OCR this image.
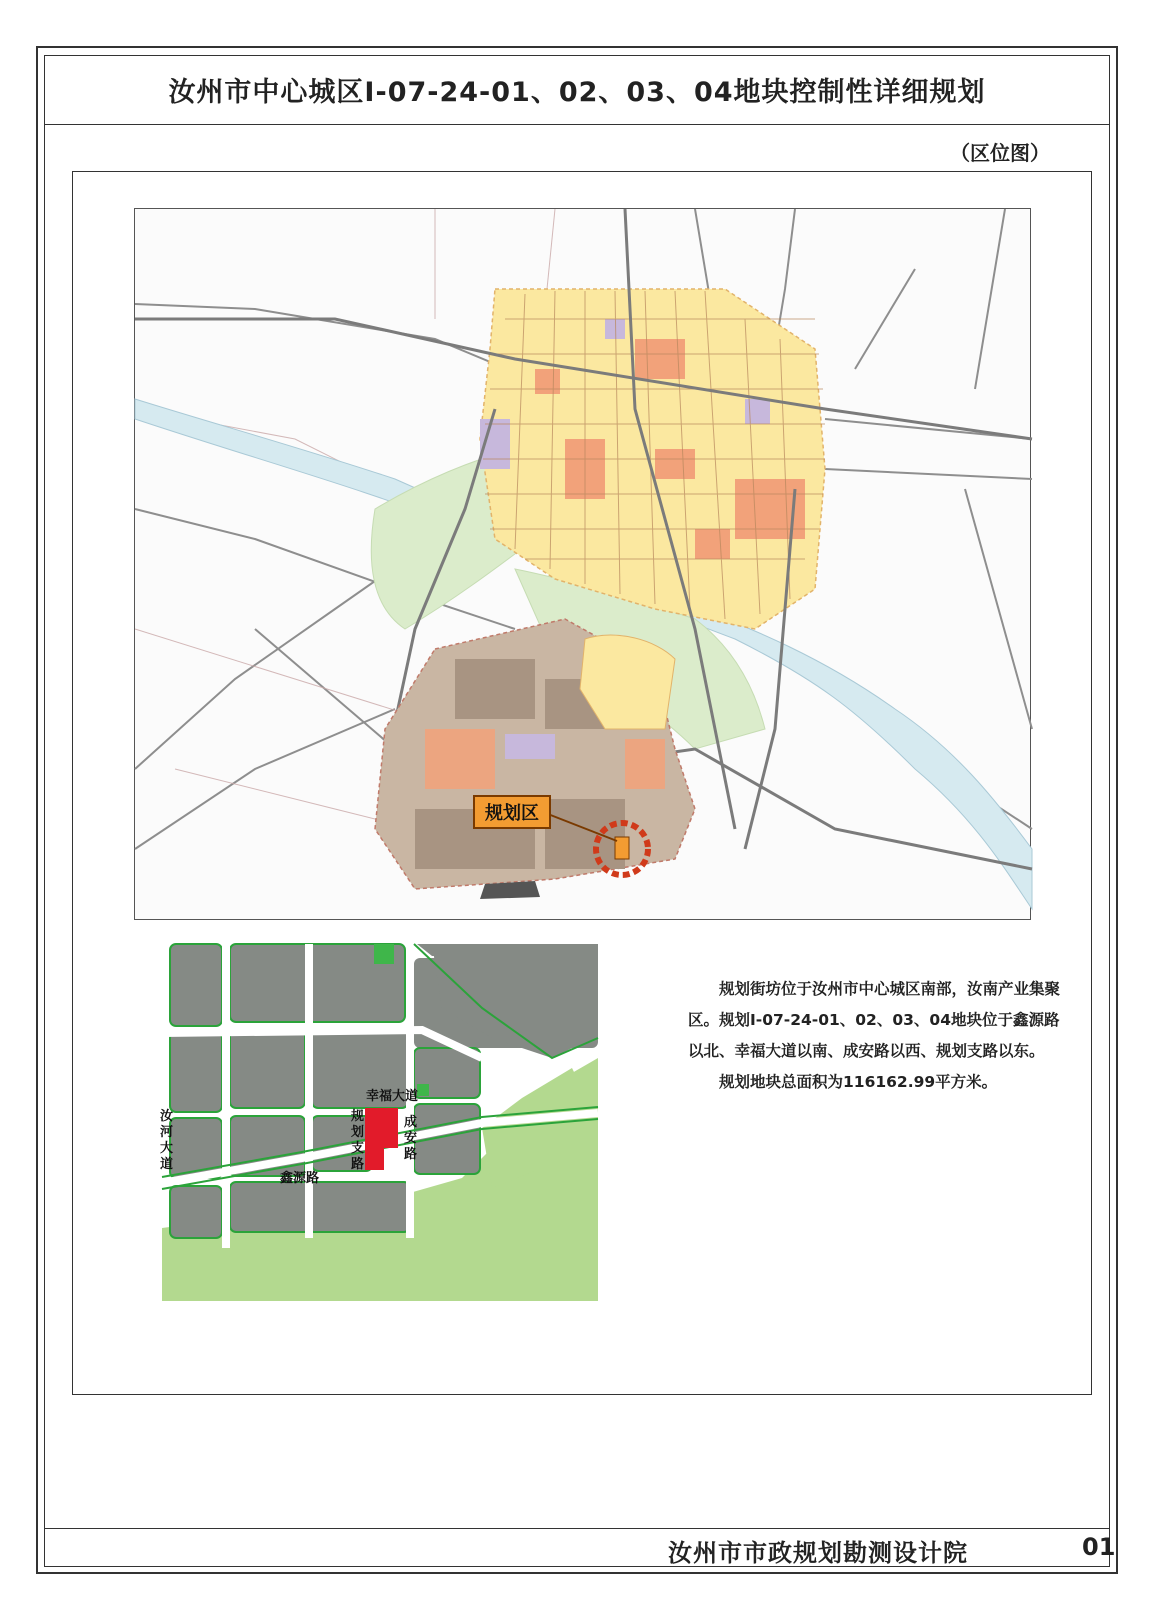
汝州市中心城区I-07-24-01、02、03、04地块控制性详细规划
（区位图）
规划区
幸福大道
鑫源路
规
划
支
路
成
安
路
汝
河
大
道

规划街坊位于汝州市中心城区南部，汝南产业集聚区。规划I-07-24-01、02、03、04地块位于鑫源路以北、幸福大道以南、成安路以西、规划支路以东。

规划地块总面积为116162.99平方米。

汝州市市政规划勘测设计院	01
